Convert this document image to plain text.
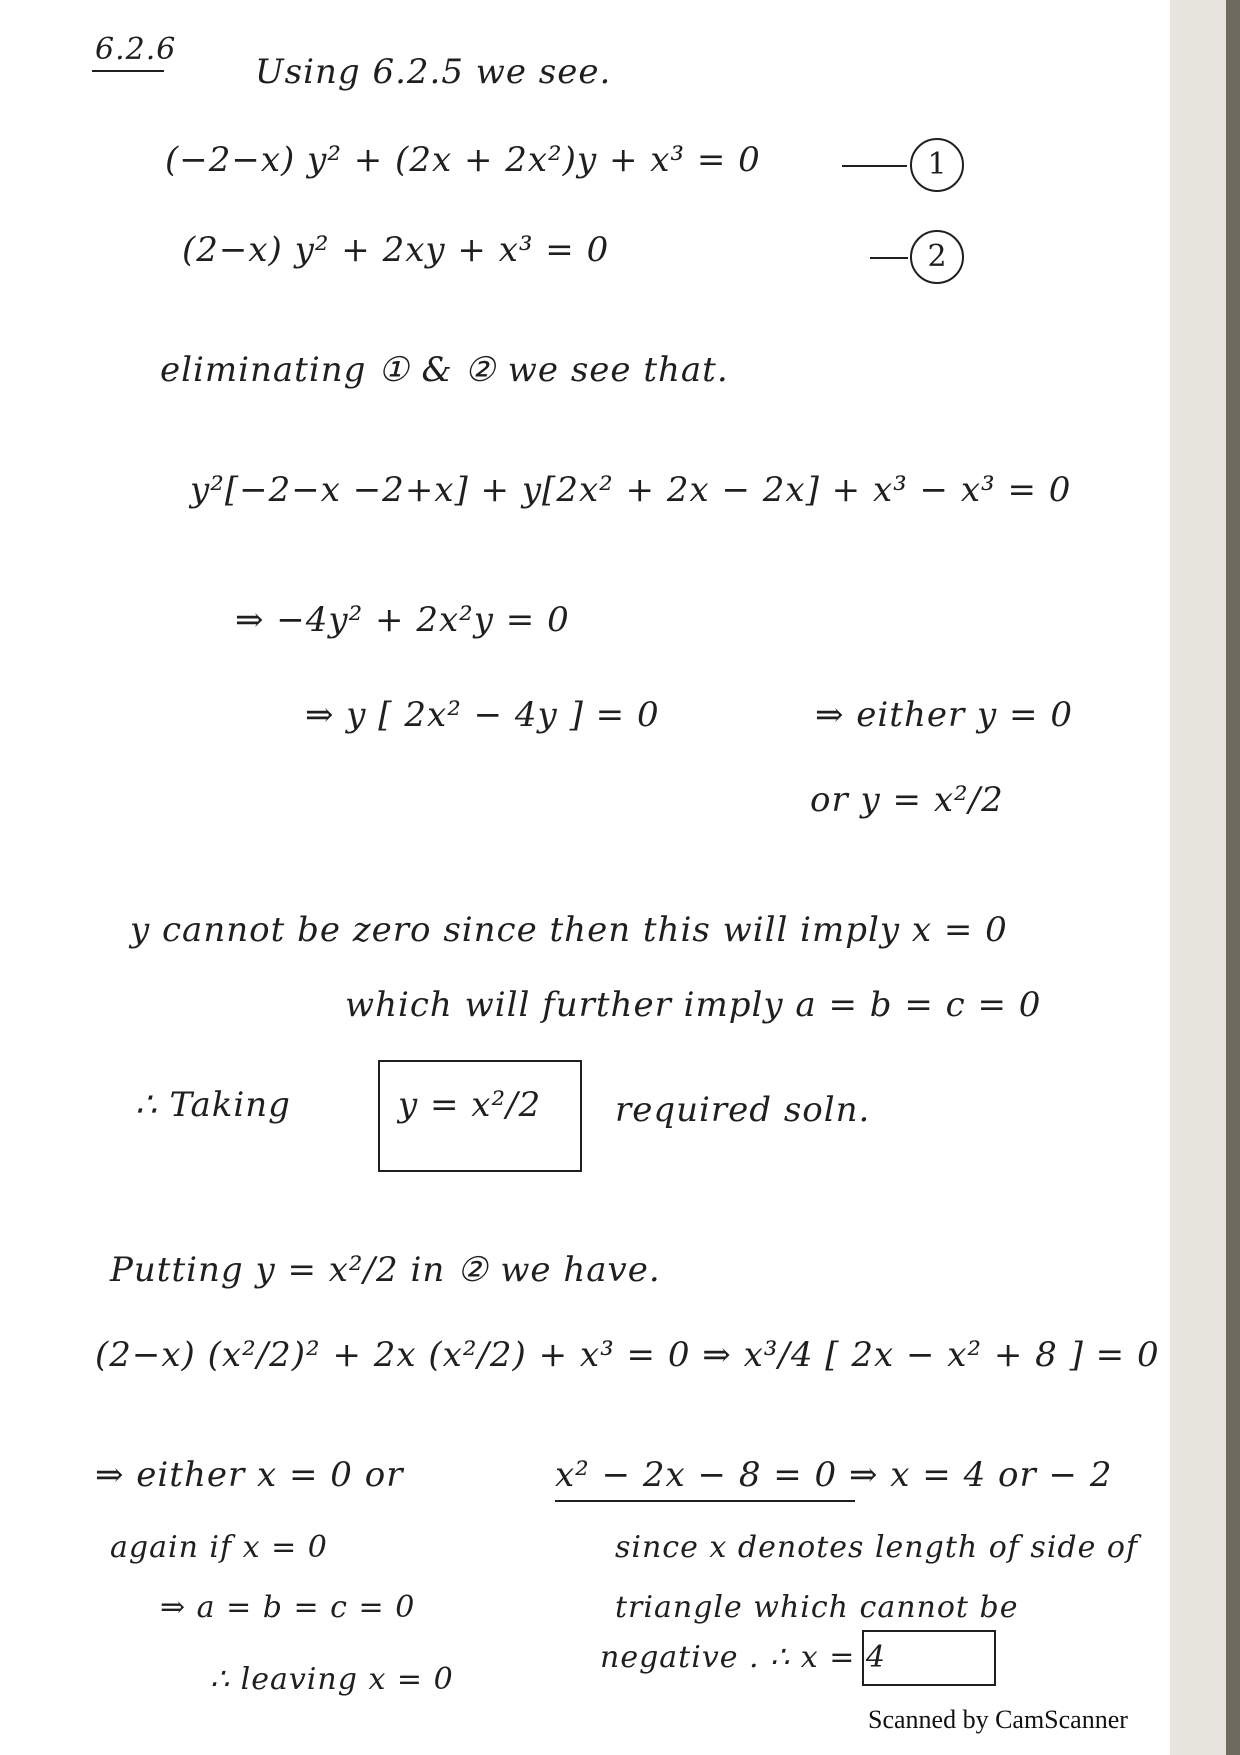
6.2.6
Using 6.2.5 we see.
(−2−x) y² + (2x + 2x²)y + x³ = 0	1
(2−x) y² + 2xy + x³ = 0	2
eliminating ① & ② we see that.
y²[−2−x −2+x] + y[2x² + 2x − 2x] + x³ − x³ = 0
⇒ −4y² + 2x²y = 0
⇒ y [ 2x² − 4y ] = 0	⇒ either y = 0
or y = x²/2
y cannot be zero since then this will imply x = 0
which will further imply a = b = c = 0
∴ Taking	y = x²/2 required soln.
Putting y = x²/2 in ② we have.
(2−x) (x²/2)² + 2x (x²/2) + x³ = 0 ⇒ x³/4 [ 2x − x² + 8 ] = 0
⇒ either x = 0 or	x² − 2x − 8 = 0 ⇒ x = 4 or − 2
again if x = 0
⇒ a = b = c = 0
∴ leaving x = 0
since x denotes length of side of
triangle which cannot be
negative . ∴ x = 4
Scanned by CamScanner
